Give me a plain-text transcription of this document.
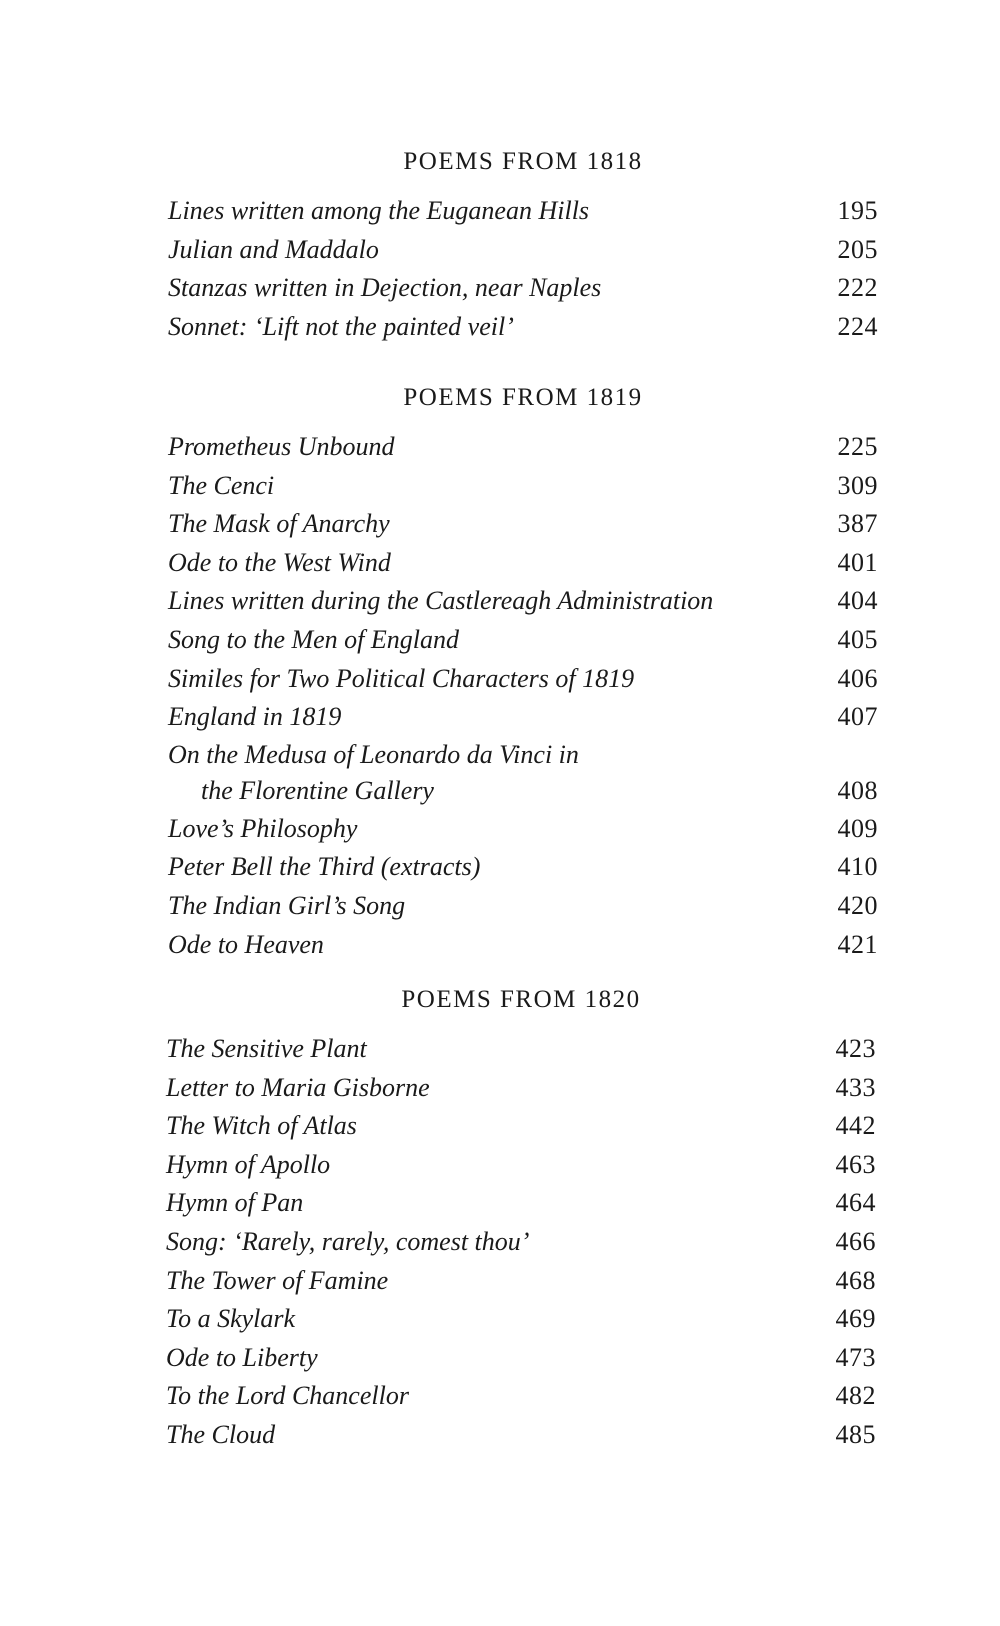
POEMS FROM 1818
Lines written among the Euganean Hills	195
Julian and Maddalo	205
Stanzas written in Dejection, near Naples	222
Sonnet: ‘Lift not the painted veil’	224
POEMS FROM 1819
Prometheus Unbound	225
The Cenci	309
The Mask of Anarchy	387
Ode to the West Wind	401
Lines written during the Castlereagh Administration	404
Song to the Men of England	405
Similes for Two Political Characters of 1819	406
England in 1819	407
On the Medusa of Leonardo da Vinci in
the Florentine Gallery	408
Love’s Philosophy	409
Peter Bell the Third (extracts)	410
The Indian Girl’s Song	420
Ode to Heaven	421
POEMS FROM 1820
The Sensitive Plant	423
Letter to Maria Gisborne	433
The Witch of Atlas	442
Hymn of Apollo	463
Hymn of Pan	464
Song: ‘Rarely, rarely, comest thou’	466
The Tower of Famine	468
To a Skylark	469
Ode to Liberty	473
To the Lord Chancellor	482
The Cloud	485
